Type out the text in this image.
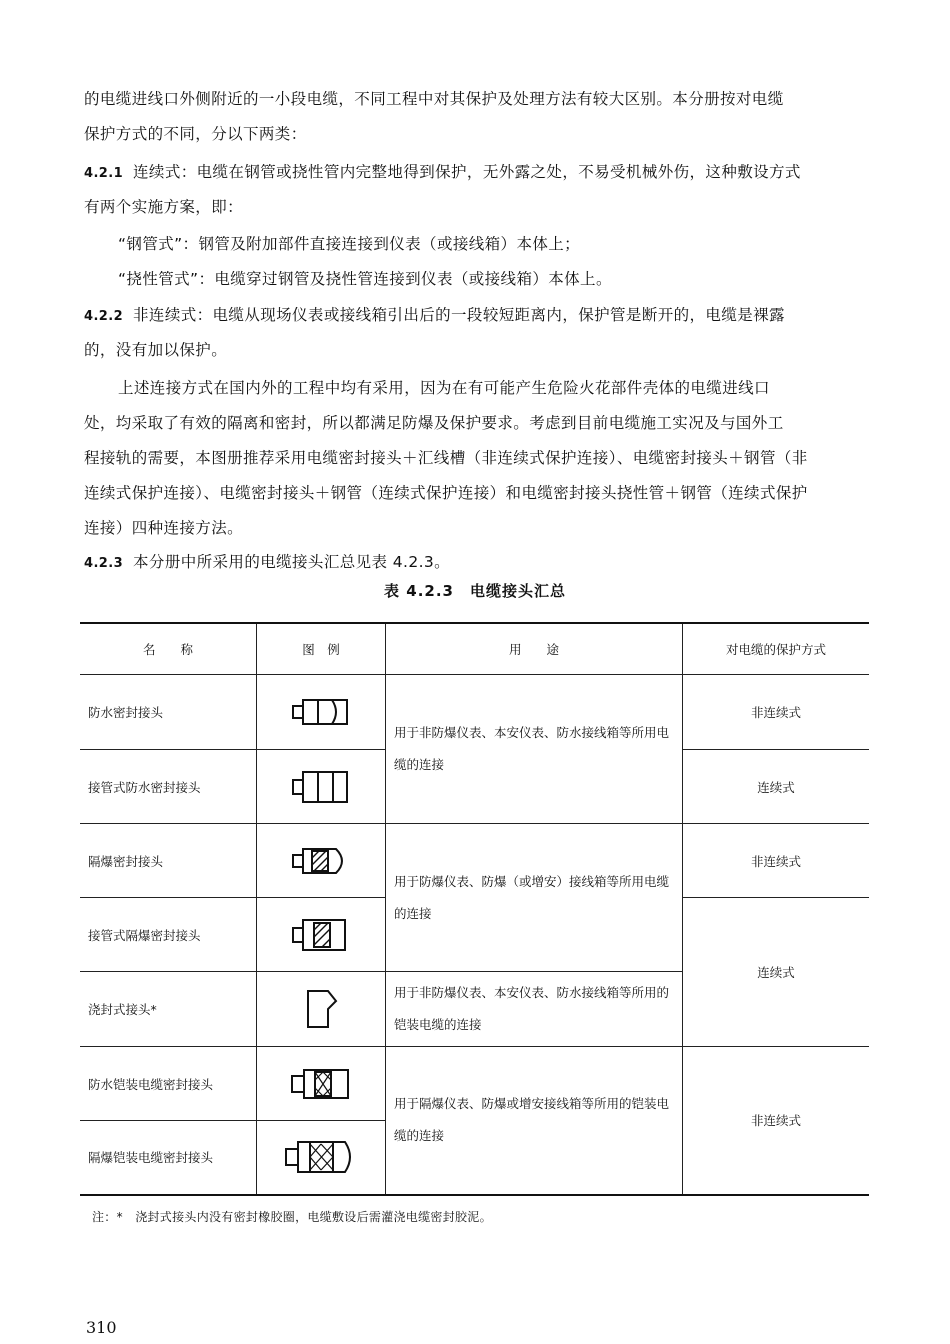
的电缆进线口外侧附近的一小段电缆，不同工程中对其保护及处理方法有较大区别。本分册按对电缆
保护方式的不同，分以下两类：
4.2.1 连续式：电缆在钢管或挠性管内完整地得到保护，无外露之处，不易受机械外伤，这种敷设方式
有两个实施方案，即：
“钢管式”：钢管及附加部件直接连接到仪表（或接线箱）本体上；
“挠性管式”：电缆穿过钢管及挠性管连接到仪表（或接线箱）本体上。
4.2.2 非连续式：电缆从现场仪表或接线箱引出后的一段较短距离内，保护管是断开的，电缆是裸露
的，没有加以保护。
上述连接方式在国内外的工程中均有采用，因为在有可能产生危险火花部件壳体的电缆进线口
处，均采取了有效的隔离和密封，所以都满足防爆及保护要求。考虑到目前电缆施工实况及与国外工
程接轨的需要，本图册推荐采用电缆密封接头＋汇线槽（非连续式保护连接）、电缆密封接头＋钢管（非
连续式保护连接）、电缆密封接头＋钢管（连续式保护连接）和电缆密封接头挠性管＋钢管（连续式保护
连接）四种连接方法。
4.2.3 本分册中所采用的电缆接头汇总见表 4.2.3。
表 4.2.3　电缆接头汇总
名　　称	图　例	用　　途	对电缆的保护方式
防水密封接头		用于非防爆仪表、本安仪表、防水接线箱等所用电缆的连接	非连续式
接管式防水密封接头			连续式
隔爆密封接头		用于防爆仪表、防爆（或增安）接线箱等所用电缆的连接	非连续式
接管式隔爆密封接头			连续式
浇封式接头*		用于非防爆仪表、本安仪表、防水接线箱等所用的铠装电缆的连接	
防水铠装电缆密封接头		用于隔爆仪表、防爆或增安接线箱等所用的铠装电缆的连接	非连续式
隔爆铠装电缆密封接头	
注：*　浇封式接头内没有密封橡胶圈，电缆敷设后需灌浇电缆密封胶泥。
310
